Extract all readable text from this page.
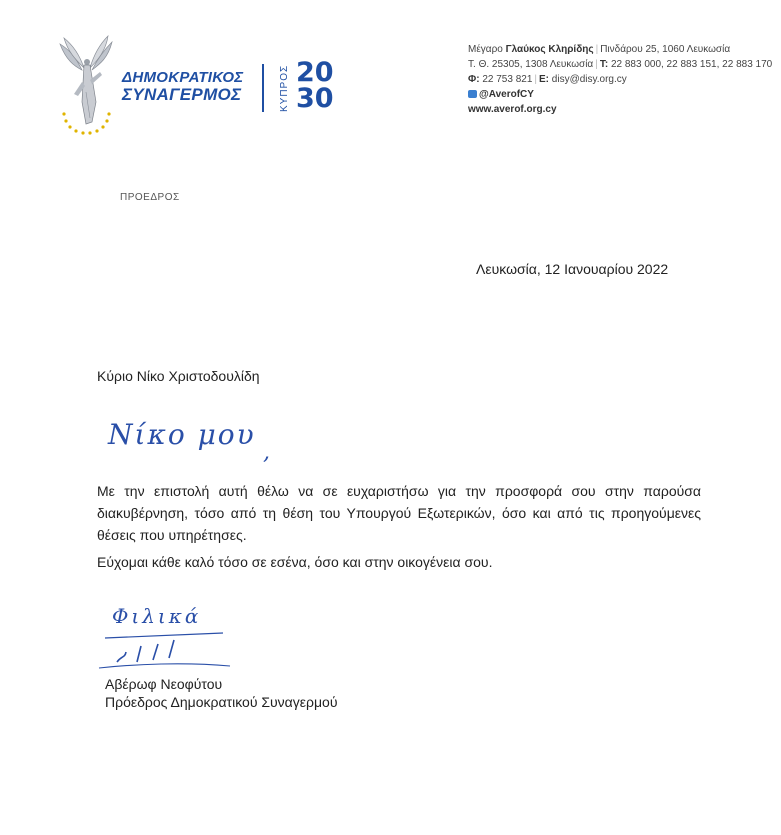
ΔΗΜΟΚΡΑΤΙΚΟΣ
ΣΥΝΑΓΕΡΜΟΣ	ΚΥΠΡΟΣ 20
30
Μέγαρο Γλαύκος Κληρίδης | Πινδάρου 25, 1060 Λευκωσία
Τ. Θ. 25305, 1308 Λευκωσία | Τ: 22 883 000, 22 883 151, 22 883 170
Φ: 22 753 821 | E: disy@disy.org.cy
@AverofCY
www.averof.org.cy
ΠΡΟΕΔΡΟΣ
Λευκωσία, 12 Ιανουαρίου 2022
Κύριο Νίκο Χριστοδουλίδη
Νίκο μου
,

Με την επιστολή αυτή θέλω να σε ευχαριστήσω για την προσφορά σου στην παρούσα διακυβέρνηση, τόσο από τη θέση του Υπουργού Εξωτερικών, όσο και από τις προηγούμενες θέσεις που υπηρέτησες.

Εύχομαι κάθε καλό τόσο σε εσένα, όσο και στην οικογένεια σου.
Φιλικά
Αβέρωφ Νεοφύτου
Πρόεδρος Δημοκρατικού Συναγερμού
